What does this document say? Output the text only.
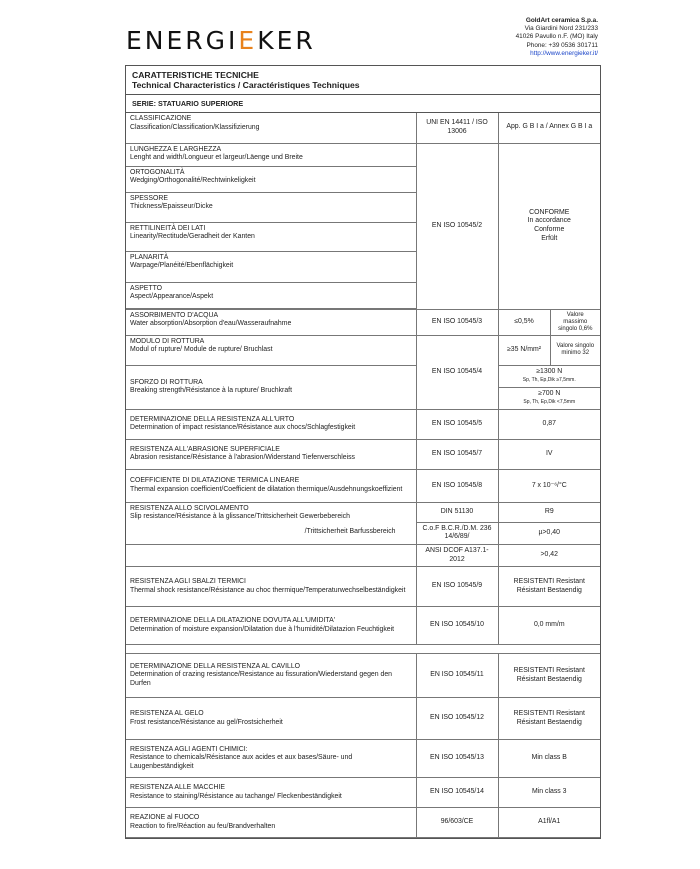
ENERGIEKER
GoldArt ceramica S.p.a.
Via Giardini Nord 231/233
41026 Pavullo n.F. (MO) Italy
Phone: +39 0536 301711
http://www.energieker.it/
CARATTERISTICHE TECNICHE
Technical Characteristics / Caractéristiques Techniques
SERIE: STATUARIO SUPERIORE
CLASSIFICAZIONE
Classification/Classification/Klassifizierung	UNI EN 14411 / ISO 13006	App. G B I a / Annex G B I a	

LUNGHEZZA E LARGHEZZA
Lenght and width/Longueur et largeur/Läenge und Breite	EN ISO 10545/2	CONFORME
In accordance
Conforme
Erfült	

ORTOGONALITÀ
Wedging/Orthogonalité/Rechtwinkeligkeit			

SPESSORE
Thickness/Epaisseur/Dicke			

RETTILINEITÀ DEI LATI
Linearity/Rectitude/Geradheit der Kanten			

PLANARITÀ
Warpage/Planéité/Ebenflächigkeit			

ASPETTO
Aspect/Appearance/Aspekt			

ASSORBIMENTO D'ACQUA
Water absorption/Absorption d'eau/Wasseraufnahme	EN ISO 10545/3	≤0,5%	Valore massimo singolo 0,6%

MODULO DI ROTTURA
Modul of rupture/ Module de rupture/ Bruchlast	EN ISO 10545/4	≥35 N/mm²	Valore singolo minimo 32

SFORZO DI ROTTURA
Breaking strength/Résistance à la rupture/ Bruchkraft		≥1300 N
Sp, Th, Ep,Dik ≥7,5mm.	

		≥700 N
Sp, Th, Ep,Dik <7,5mm	

DETERMINAZIONE DELLA RESISTENZA ALL'URTO
Determination of impact resistance/Résistance aux chocs/Schlagfestigkeit	EN ISO 10545/5	0,87	

RESISTENZA ALL'ABRASIONE SUPERFICIALE
Abrasion resistance/Résistance à l'abrasion/Widerstand Tiefenverschleiss	EN ISO 10545/7	IV	

COEFFICIENTE DI DILATAZIONE TERMICA LINEARE
Thermal expansion coefficient/Coefficient de dilatation thermique/Ausdehnungskoeffizient	EN ISO 10545/8	7 x 10⁻⁶/°C	

RESISTENZA ALLO SCIVOLAMENTO
Slip resistance/Résistance à la glissance/Trittsicherheit Gewerbebereich
/Trittsicherheit Barfussbereich	DIN 51130	R9	
	C.o.F B.C.R./D.M. 236 14/6/89/	µ>0,40	
	ANSI DCOF A137.1-2012	>0,42	

RESISTENZA AGLI SBALZI TERMICI
Thermal shock resistance/Résistance au choc thermique/Temperaturwechselbeständigkeit	EN ISO 10545/9	RESISTENTI Resistant Résistant Bestaendig	

DETERMINAZIONE DELLA DILATAZIONE DOVUTA ALL'UMIDITA'
Determination of moisture expansion/Dilatation due à l'humidité/Dilatazion Feuchtigkeit	EN ISO 10545/10	0,0 mm/m	

DETERMINAZIONE DELLA RESISTENZA AL CAVILLO
Determination of crazing resistance/Resistance au fissuration/Wiederstand gegen den Durfen	EN ISO 10545/11	RESISTENTI Resistant Résistant Bestaendig	

RESISTENZA AL GELO
Frost resistance/Résistance au gel/Frostsicherheit	EN ISO 10545/12	RESISTENTI Resistant Résistant Bestaendig	

RESISTENZA AGLI AGENTI CHIMICI:
Resistance to chemicals/Résistance aux acides et aux bases/Säure- und Laugenbeständigkeit	EN ISO 10545/13	Min class B	

RESISTENZA ALLE MACCHIE
Resistance to staining/Résistance au tachange/ Fleckenbeständigkeit	EN ISO 10545/14	Min class 3	

REAZIONE al FUOCO
Reaction to fire/Réaction au feu/Brandverhalten	96/603/CE	A1fl/A1	
